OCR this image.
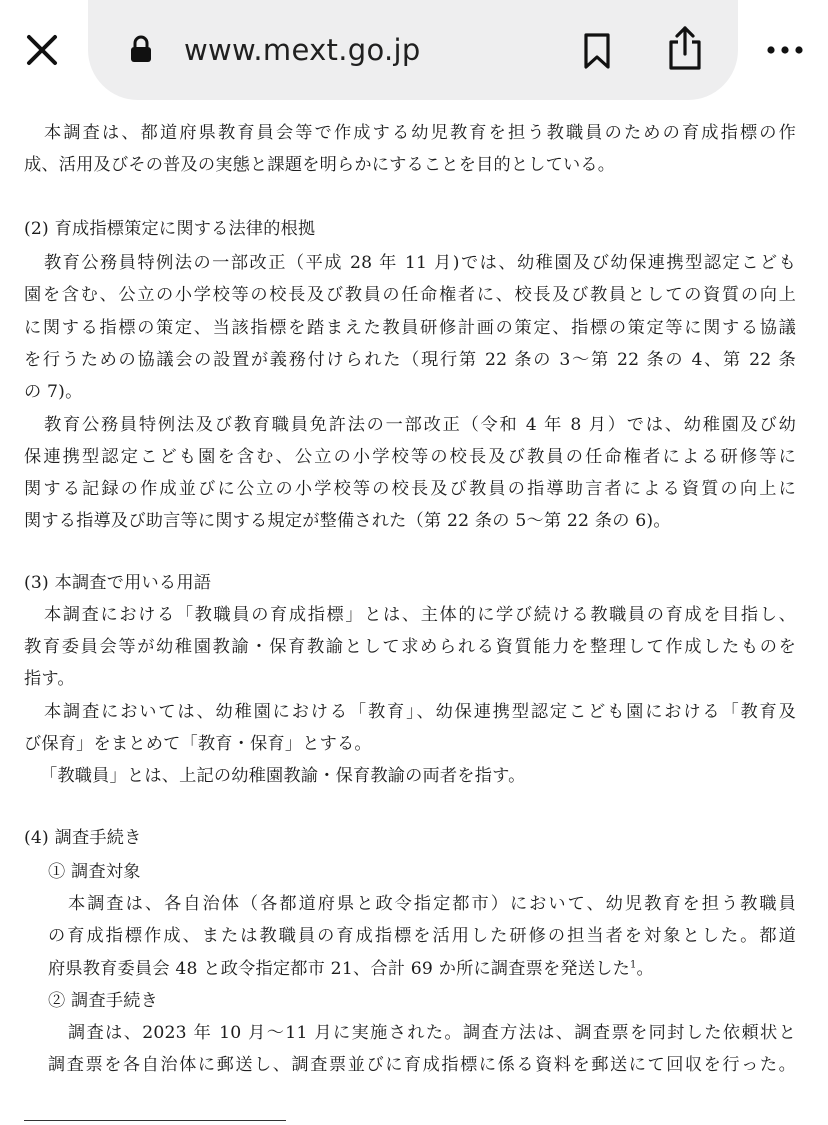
www.mext.go.jp
本調査は、都道府県教育員会等で作成する幼児教育を担う教職員のための育成指標の作
成、活用及びその普及の実態と課題を明らかにすることを目的としている。
(2) 育成指標策定に関する法律的根拠
教育公務員特例法の一部改正（平成 28 年 11 月)では、幼稚園及び幼保連携型認定こども
園を含む、公立の小学校等の校長及び教員の任命権者に、校長及び教員としての資質の向上
に関する指標の策定、当該指標を踏まえた教員研修計画の策定、指標の策定等に関する協議
を行うための協議会の設置が義務付けられた（現行第 22 条の 3〜第 22 条の 4、第 22 条
の 7)。
教育公務員特例法及び教育職員免許法の一部改正（令和 4 年 8 月）では、幼稚園及び幼
保連携型認定こども園を含む、公立の小学校等の校長及び教員の任命権者による研修等に
関する記録の作成並びに公立の小学校等の校長及び教員の指導助言者による資質の向上に
関する指導及び助言等に関する規定が整備された（第 22 条の 5〜第 22 条の 6)。
(3) 本調査で用いる用語
本調査における「教職員の育成指標」とは、主体的に学び続ける教職員の育成を目指し、
教育委員会等が幼稚園教諭・保育教諭として求められる資質能力を整理して作成したものを
指す。
本調査においては、幼稚園における「教育」、幼保連携型認定こども園における「教育及
び保育」をまとめて「教育・保育」とする。
「教職員」とは、上記の幼稚園教諭・保育教諭の両者を指す。
(4) 調査手続き
① 調査対象
本調査は、各自治体（各都道府県と政令指定都市）において、幼児教育を担う教職員
の育成指標作成、または教職員の育成指標を活用した研修の担当者を対象とした。都道
府県教育委員会 48 と政令指定都市 21、合計 69 か所に調査票を発送した$^1$。
② 調査手続き
調査は、2023 年 10 月〜11 月に実施された。調査方法は、調査票を同封した依頼状と
調査票を各自治体に郵送し、調査票並びに育成指標に係る資料を郵送にて回収を行った。
